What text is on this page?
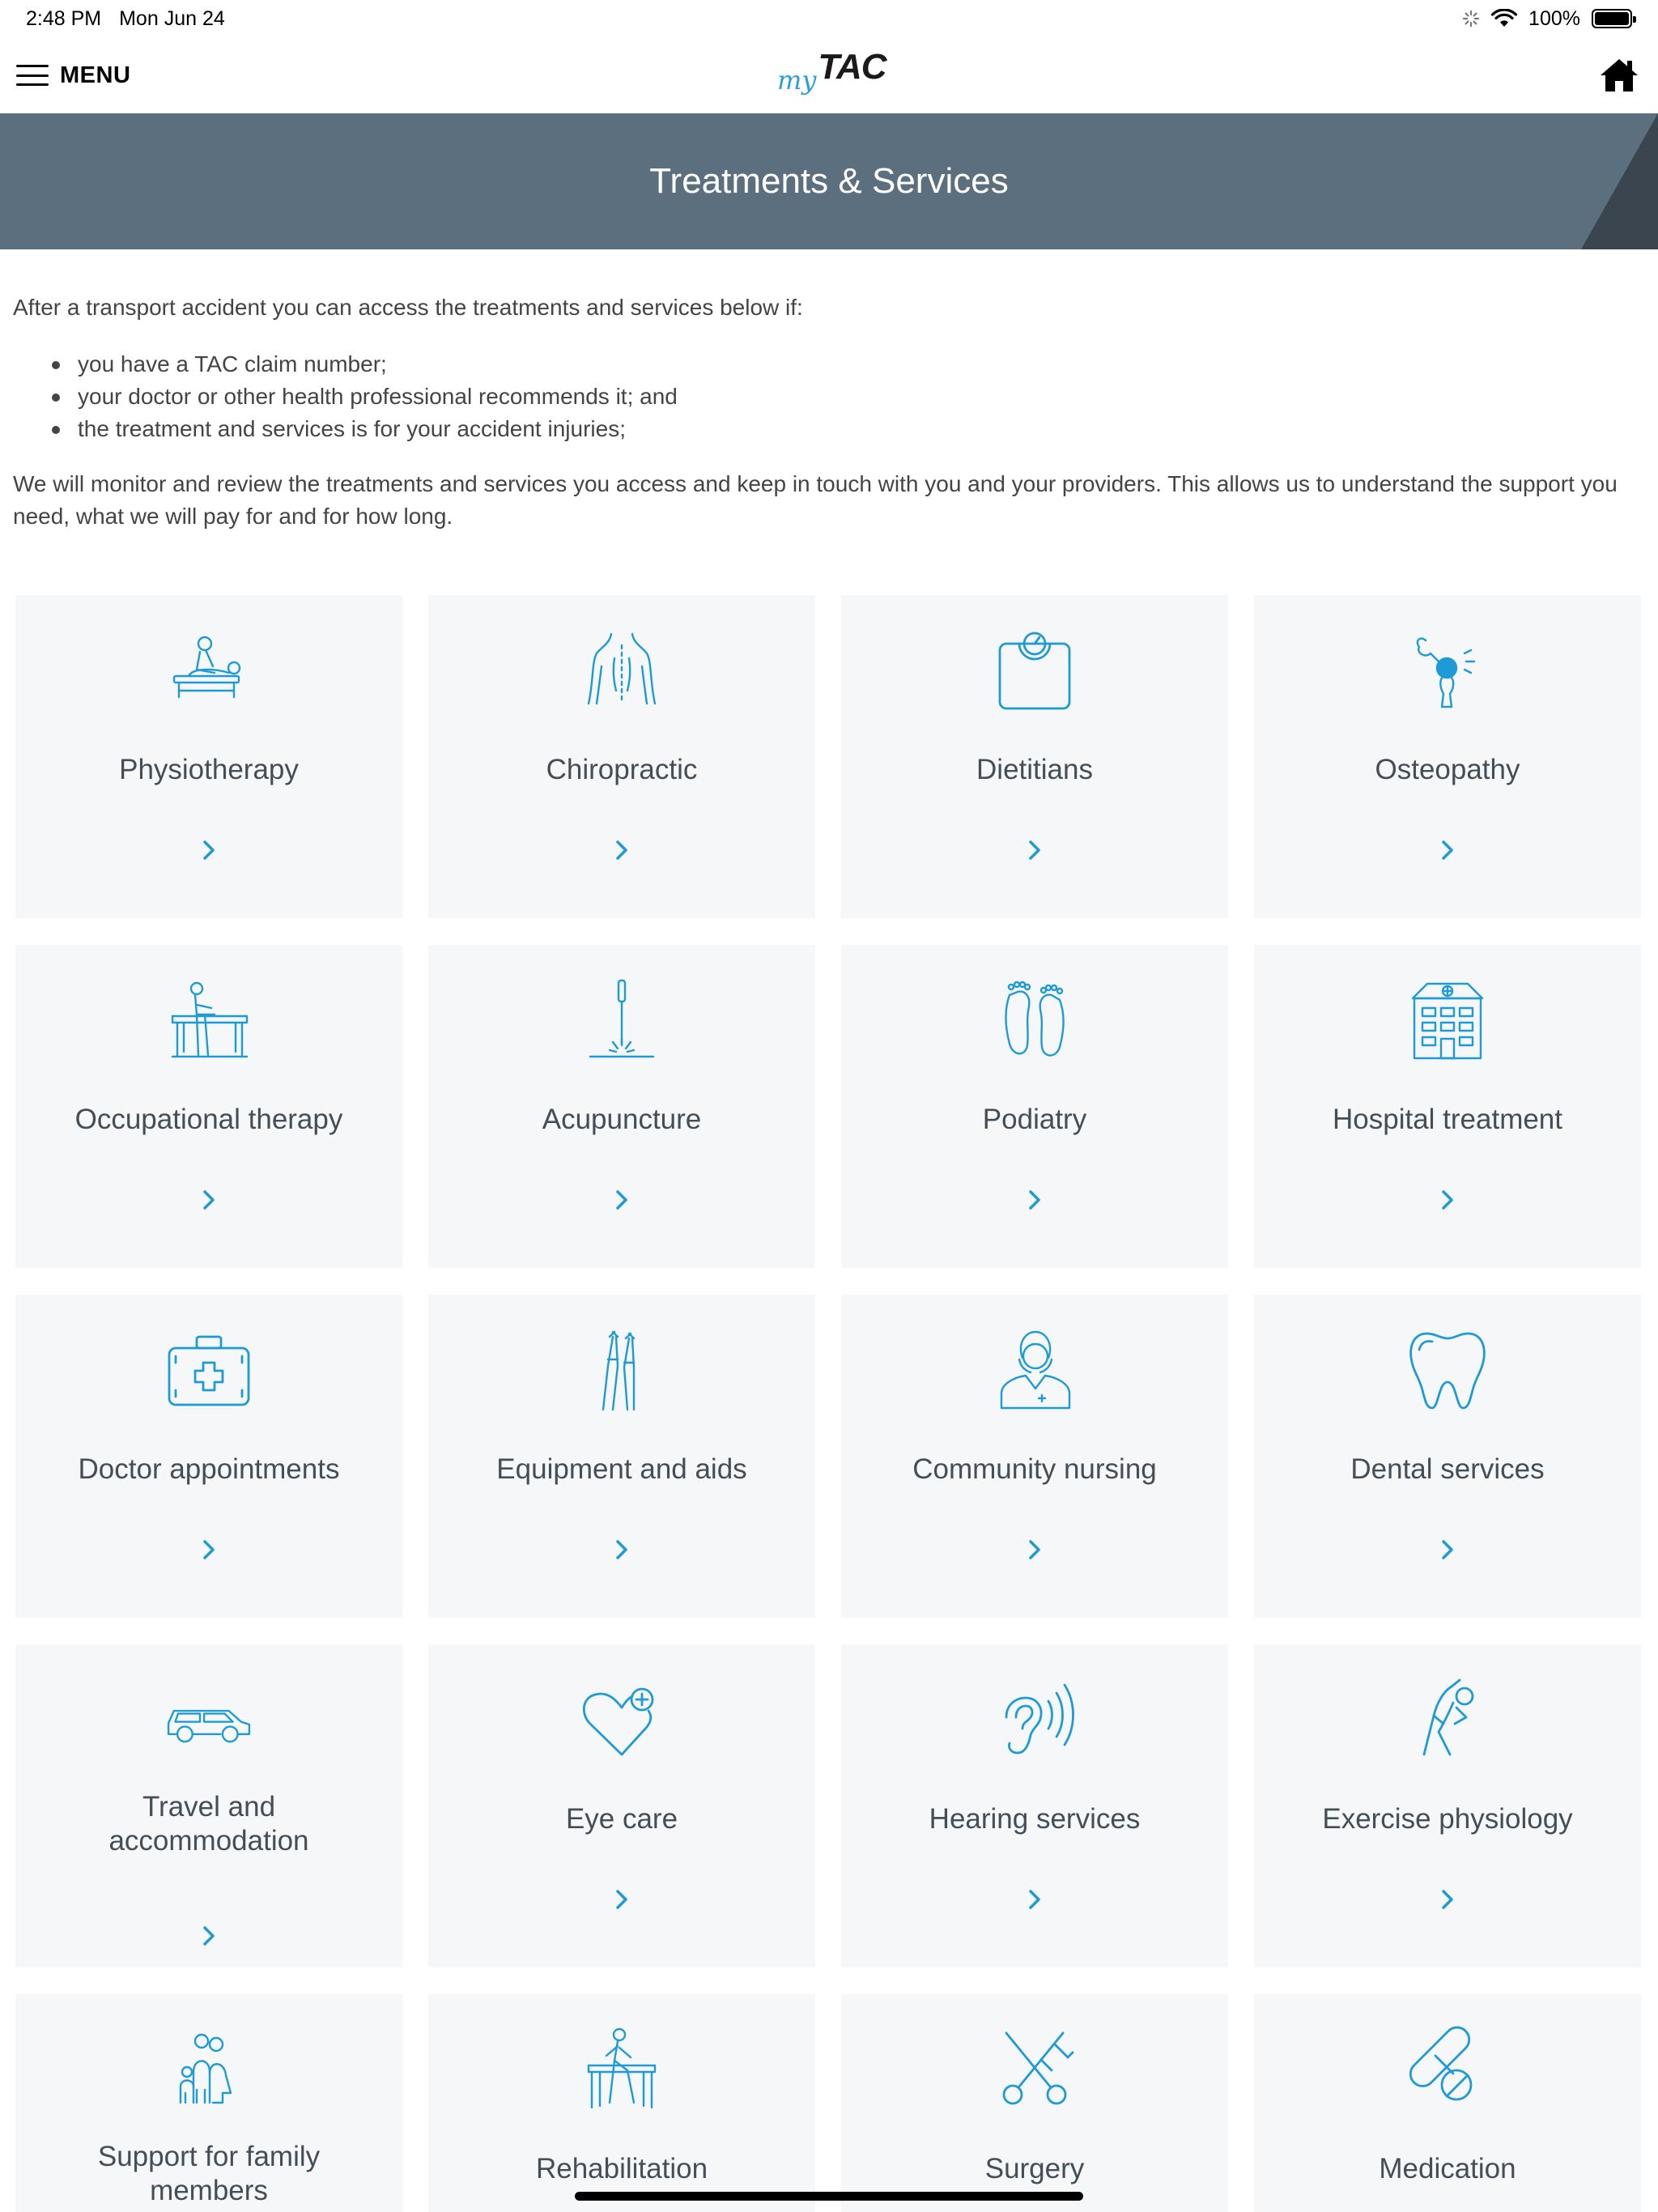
2:48 PM Mon Jun 24	100%
MENU	my TAC
Treatments & Services

After a transport accident you can access the treatments and services below if:

you have a TAC claim number;
your doctor or other health professional recommends it; and
the treatment and services is for your accident injuries;

We will monitor and review the treatments and services you access and keep in touch with you and your providers. This allows us to understand the support you need, what we will pay for and for how long.

Physiotherapy	Chiropractic	Dietitians	Osteopathy
Occupational therapy	Acupuncture	Podiatry	Hospital treatment
Doctor appointments	Equipment and aids	Community nursing	Dental services
Travel and accommodation
Eye care	Hearing services	Exercise physiology
Support for family members
Rehabilitation	Surgery	Medication
